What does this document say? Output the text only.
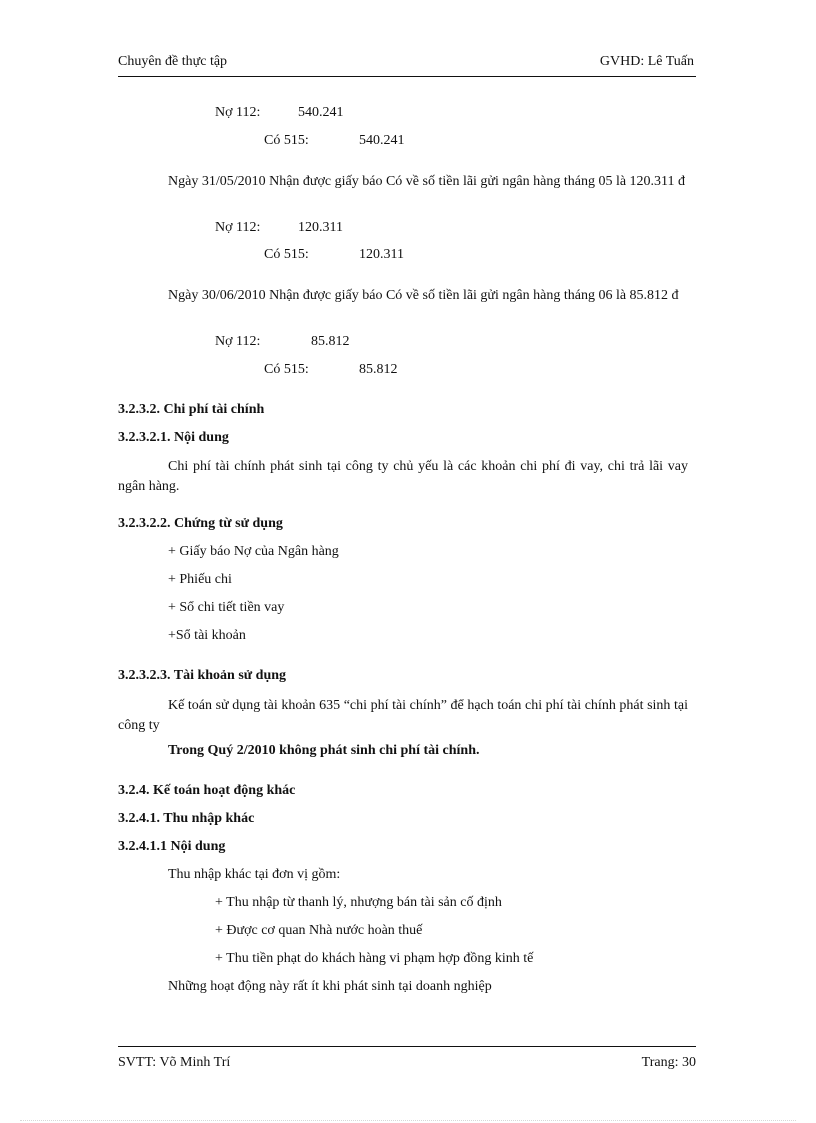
Chuyên đề thực tập	GVHD: Lê Tuấn
Nợ 112:	540.241
Có 515:	540.241
Ngày 31/05/2010 Nhận được giấy báo Có về số tiền lãi gửi ngân hàng tháng 05 là 120.311 đ
Nợ 112:	120.311
Có 515:	120.311
Ngày 30/06/2010 Nhận được giấy báo Có về số tiền lãi gửi ngân hàng tháng 06 là 85.812 đ
Nợ 112:	85.812
Có 515:	85.812
3.2.3.2. Chi phí tài chính
3.2.3.2.1. Nội dung
Chi phí tài chính phát sinh tại công ty chủ yếu là các khoản chi phí đi vay, chi trả lãi vay ngân hàng.
3.2.3.2.2. Chứng từ sử dụng
+ Giấy báo Nợ của Ngân hàng
+ Phiếu chi
+ Sổ chi tiết tiền vay
+Sổ tài khoản
3.2.3.2.3. Tài khoản sử dụng
Kế toán sử dụng tài khoản 635 “chi phí tài chính” để hạch toán chi phí tài chính phát sinh tại công ty
Trong Quý 2/2010 không phát sinh chi phí tài chính.
3.2.4. Kế toán hoạt động khác
3.2.4.1. Thu nhập khác
3.2.4.1.1 Nội dung
Thu nhập khác tại đơn vị gồm:
+ Thu nhập từ thanh lý, nhượng bán tài sản cố định
+ Được cơ quan Nhà nước hoàn thuế
+ Thu tiền phạt do khách hàng vi phạm hợp đồng kinh tế
Những hoạt động này rất ít khi phát sinh tại doanh nghiệp
SVTT: Võ Minh Trí	Trang: 30
